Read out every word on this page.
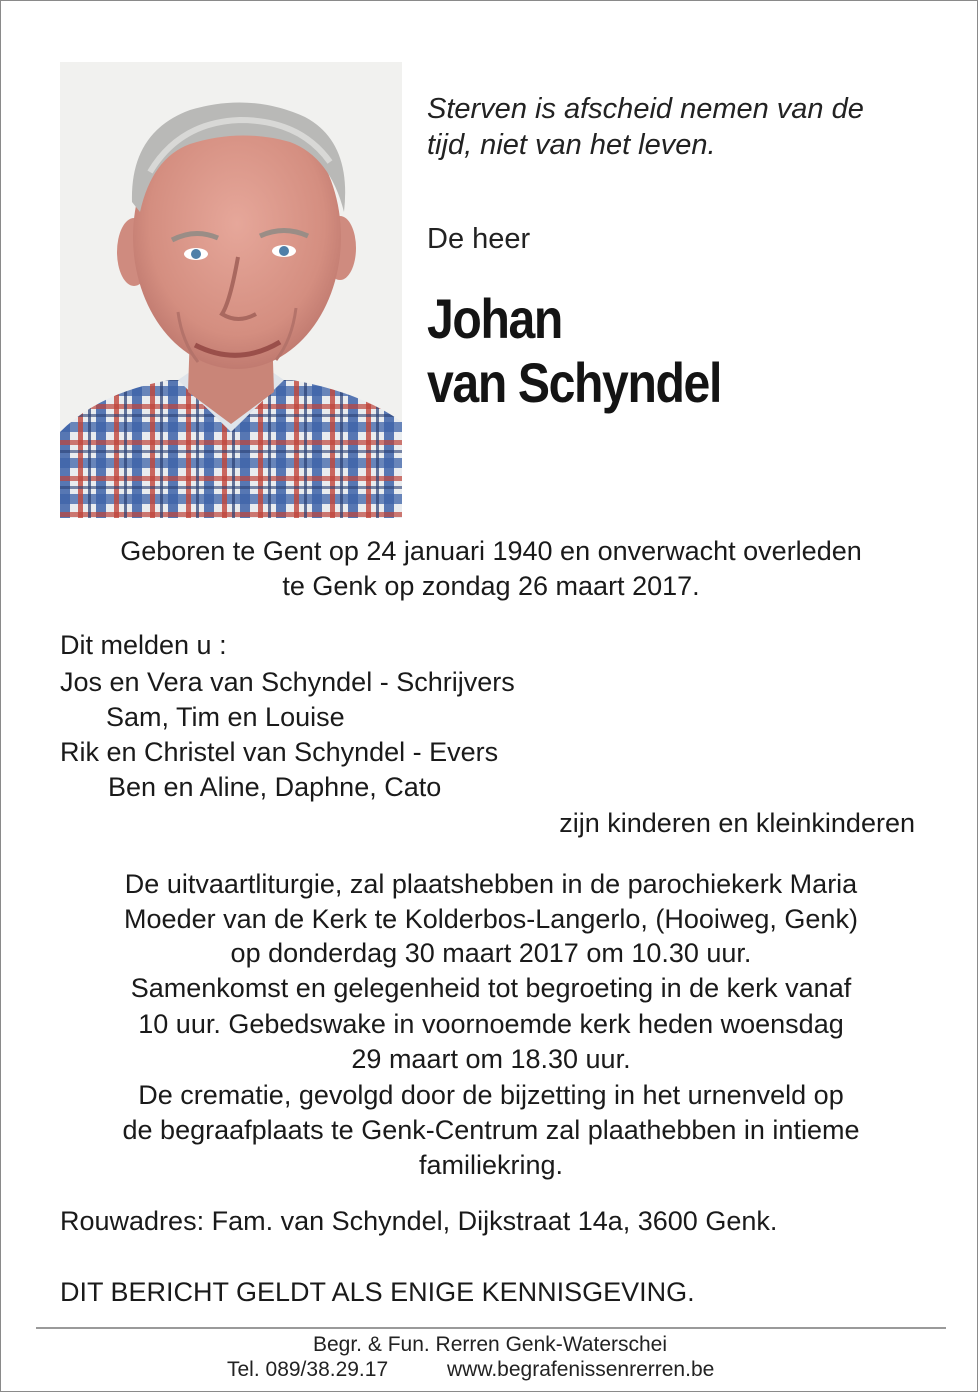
Sterven is afscheid nemen van de
tijd, niet van het leven.
De heer
Johan
van Schyndel
Geboren te Gent op 24 januari 1940 en onverwacht overleden
te Genk op zondag 26 maart 2017.
Dit melden u :
Jos en Vera van Schyndel - Schrijvers
Sam, Tim en Louise
Rik en Christel van Schyndel - Evers
Ben en Aline, Daphne, Cato
zijn kinderen en kleinkinderen
De uitvaartliturgie, zal plaatshebben in de parochiekerk Maria
Moeder van de Kerk te Kolderbos-Langerlo, (Hooiweg, Genk)
op donderdag 30 maart 2017 om 10.30 uur.
Samenkomst en gelegenheid tot begroeting in de kerk vanaf
10 uur. Gebedswake in voornoemde kerk heden woensdag
29 maart om 18.30 uur.
De crematie, gevolgd door de bijzetting in het urnenveld op
de begraafplaats te Genk-Centrum zal plaathebben in intieme
familiekring.
Rouwadres: Fam. van Schyndel, Dijkstraat 14a, 3600 Genk.
DIT BERICHT GELDT ALS ENIGE KENNISGEVING.
Begr. & Fun. Rerren Genk-Waterschei
Tel. 089/38.29.17	www.begrafenissenrerren.be
